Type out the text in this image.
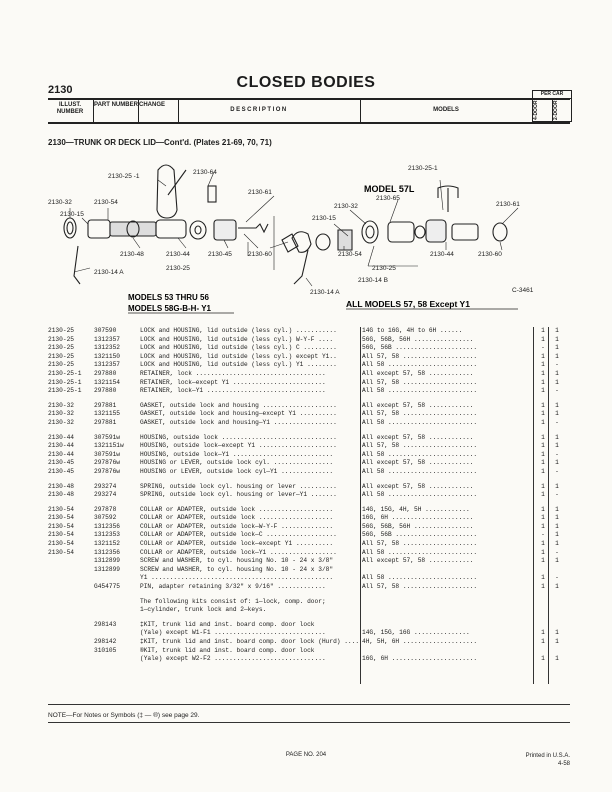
2130	CLOSED BODIES
PER CAR
4-DOOR	2-DOOR
ILLUST. NUMBER
PART NUMBER CHANGE
DESCRIPTION	MODELS
2130—TRUNK OR DECK LID—Cont'd. (Plates 21-69, 70, 71)
2130-25 -1
2130-64
2130-61
2130-32	2130-54
2130-15
2130-48
2130-25
2130-44	2130-45 2130-60
2130-14 A
2130-25-1
2130-65
2130-32
2130-15
2130-61
2130-54	2130-44	2130-60
2130-25
2130-14 B
2130-14 A	C-3461
MODEL 57L
MODELS 53 THRU 56
MODELS 58G-B-H- Y1	ALL MODELS 57, 58 Except Y1
2130-25	307590	LOCK and HOUSING, lid outside (less cyl.) ...........	14G to 16G, 4H to 6H ......	1	1
2130-25	1312357	LOCK and HOUSING, lid outside (less cyl.) W-Y-F ....	56G, 56B, 56H ................	1	1
2130-25	1312352	LOCK and HOUSING, lid outside (less cyl.) C .........	56G, 56B ......................	-	1
2130-25	1321150	LOCK and HOUSING, lid outside (less cyl.) except Y1..	All 57, 58 ....................	1	1
2130-25	1312357	LOCK and HOUSING, lid outside (less cyl.) Y1 ........	All 58 ........................	1	-
2130-25-1	297880	RETAINER, lock ...................................	All except 57, 58 ............	1	1
2130-25-1	1321154	RETAINER, lock—except Y1 .........................	All 57, 58 ....................	1	1
2130-25-1	297880	RETAINER, lock—Y1 ................................	All 58 ........................	1	-
2130-32	297881	GASKET, outside lock and housing ....................	All except 57, 58 ............	1	1
2130-32	1321155	GASKET, outside lock and housing—except Y1 ..........	All 57, 58 ....................	1	1
2130-32	297881	GASKET, outside lock and housing—Y1 .................	All 58 ........................	1	-
2130-44	307591w	HOUSING, outside lock ...............................	All except 57, 58 ............	1	1
2130-44	1321151w	HOUSING, outside lock—except Y1 .....................	All 57, 58 ....................	1	1
2130-44	307591w	HOUSING, outside lock—Y1 ...........................	All 58 ........................	1	-
2130-45	297876w	HOUSING or LEVER, outside lock cyl. ................	All except 57, 58 ............	1	1
2130-45	297876w	HOUSING or LEVER, outside lock cyl—Y1 ..............	All 58 ........................	1	-
2130-48	293274	SPRING, outside lock cyl. housing or lever ..........	All except 57, 58 ............	1	1
2130-48	293274	SPRING, outside lock cyl. housing or lever—Y1 .......	All 58 ........................	1	-
2130-54	297878	COLLAR or ADAPTER, outside lock ....................	14G, 15G, 4H, 5H ............	1	1
2130-54	307592	COLLAR or ADAPTER, outside lock ....................	16G, 6H ......................	1	1
2130-54	1312356	COLLAR or ADAPTER, outside lock—W-Y-F ..............	56G, 56B, 56H ................	1	1
2130-54	1312353	COLLAR or ADAPTER, outside lock—C ...................	56G, 56B ......................	-	1
2130-54	1321152	COLLAR or ADAPTER, outside lock—except Y1 ..........	All 57, 58 ....................	1	1
2130-54	1312356	COLLAR or ADAPTER, outside lock—Y1 ..................	All 58 ........................	1	-
1312899	SCREW and WASHER, to cyl. housing No. 10 - 24 x 3/8"	All except 57, 58 ............	1	1
1312899	SCREW and WASHER, to cyl. housing No. 10 - 24 x 3/8"
Y1 .................................................	All 58 ........................	1	-
G454775	PIN, adapter retaining 3/32" x 9/16" .............	All 57, 58 ....................	1	1
The following kits consist of: 1—lock, comp. door;
1—cylinder, trunk lock and 2—keys.
298143	‡KIT, trunk lid and inst. board comp. door lock
(Yale) except W1-F1 ..............................	14G, 15G, 16G ...............	1	1
298142	‡KIT, trunk lid and inst. board comp. door lock (Hurd) .... 4H, 5H, 6H ....................	1	1
310105	®KIT, trunk lid and inst. board comp. door lock
(Yale) except W2-F2 ..............................	16G, 6H .......................	1	1
NOTE—For Notes or Symbols (‡ — ®) see page 29.
PAGE NO. 204	Printed in U.S.A.
4-58
